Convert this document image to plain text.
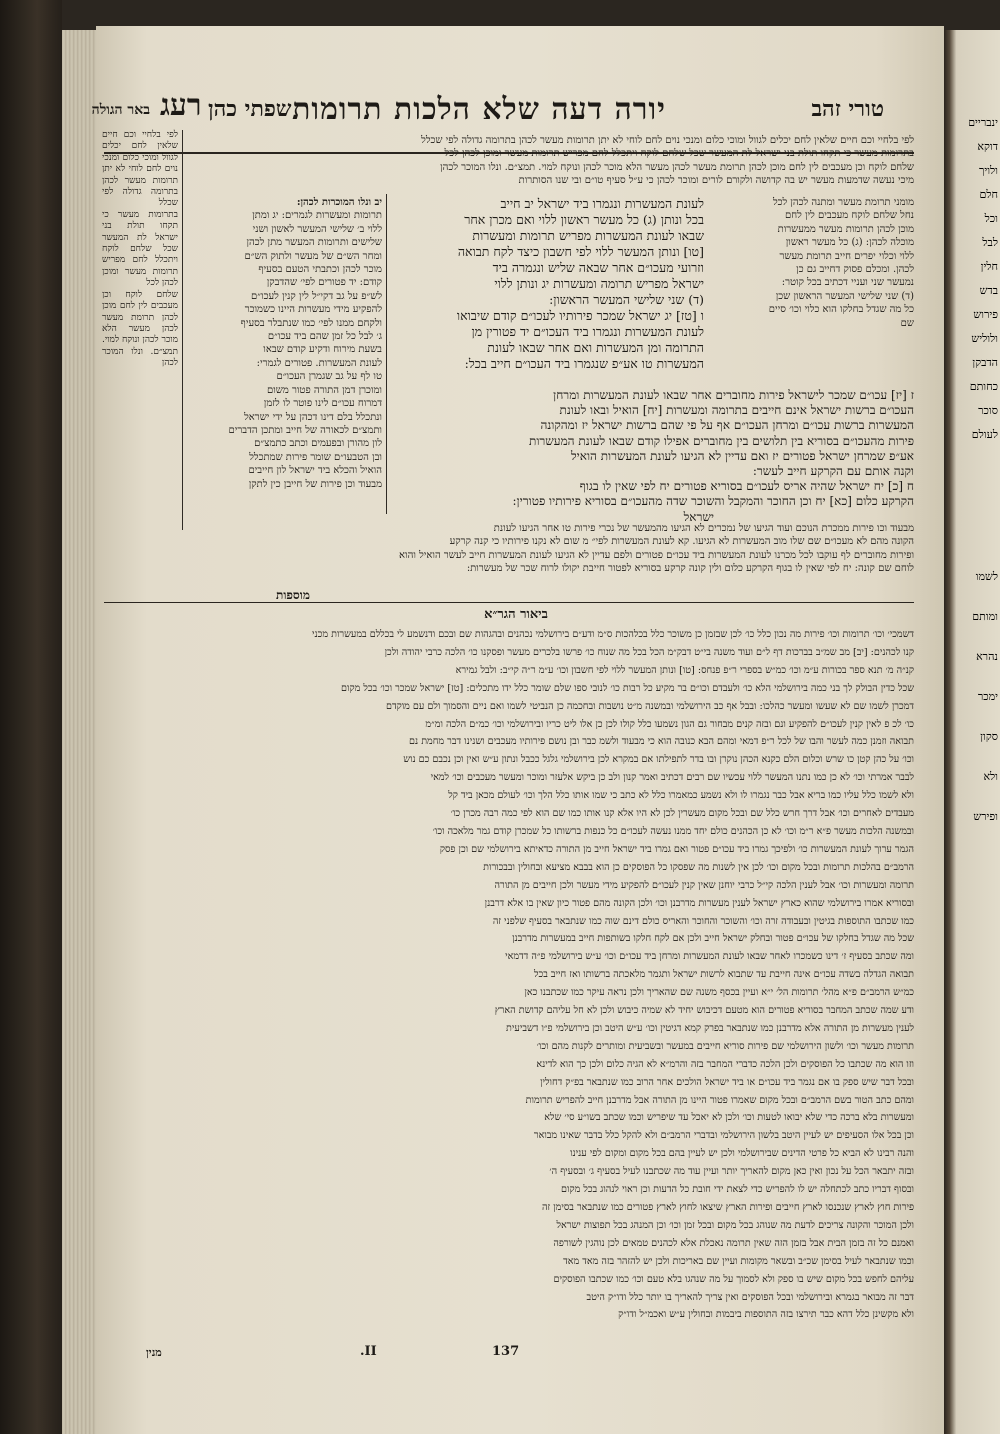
טורי זהב
יורה דעה שלא הלכות תרומות
שפתי כהן
רעג
באר הגולה

לפי בלחיי וכם חיים שלאין לחם יכלים לגוול ומוכי כלום ומנכי נוים לחם לוחי לא יתן תרומות מעשר לכהן בתרומה גדולה לפי שכלל

בתרומות מעשר כי תקחו תולת בני ישראל לת המעשר שכל שלחם לוקח ויתכלל לחם מפריש תרומות מעשר ומוכן לכהן לכל

שלחם לוקח וכן מעכבים לין לחם מוכן לכהן תרומת מעשר לכהן מעשר הלא מוכר לכהן ונוקח למוי. תמצ״ם. ונלו המוכר לכהן

לפי בלחיי וכם חיים שלאין לחם יכלים לגוול ומוכי כלום ומנכי נוים לחם לוחי לא יתן תרומות מעשר לכהן בתרומה גדולה לפי שכלל

בתרומות מעשר כי תקחו תולת בני ישראל לת המעשר שכל שלחם לוקח ויתכלל לחם מפריש תרומות מעשר ומוכן לכהן לכל

שלחם לוקח וכן מעכבים לין לחם מוכן לכהן תרומת מעשר לכהן מעשר הלא מוכר לכהן ונוקח למוי. תמצ״ם. ונלו המוכר לכהן

מיכי נעשה שדמעות מעשר יש בה קדושה ולקורם לורים ומוכר לכהן כי ע״ל סעיף טו״ם ובי שנו הסותרות

מומני תרומת מעשר ומתנה לכהן לכל

נחל שלחם לוקח מעכבים לין לחם

מוכן לכהן תרומות מעשר ממעשרות

מוכלה לכהן: (ג) כל מעשר ראשון

ללוי וכלוי יפרים חייב תרומת מעשר

לכהן. ומכלם פסוק דחייב גם כן

נמעשר שני ועניי דכתיב בכל קוטר:

(ד) שני שלישי המעשר הראשון שכן

כל מה שגדל בחלקו הוא כלוי וכו׳ סיים

שם

לעונת המעשרות ונגמרו ביד ישראל יב חייב

בכל ונותן (ג) כל מעשר ראשון ללוי ואם מכרן אחר

שבאו לעונת המעשרות מפריש תרומות ומעשרות

[טו] ונותן המעשר ללוי לפי חשבון כיצד לקח תבואה

וזרועי מעכו״ם אחר שבאה שליש ונגמרה ביד

ישראל מפריש תרומה ומעשרות יג ונותן ללוי

(ד) שני שלישי המעשר הראשון:

ו [טז] יג ישראל שמכר פירותיו לעכו״ם קודם שיבואו

לעונת המעשרות ונגמרו ביד העכו״ם יד פטורין מן

התרומה ומן המעשרות ואם אחר שבאו לעונת

המעשרות טו אע״פ שנגמרו ביד העכו״ם חייב בכל:

יב ונלו המוכרות לכהן:

תרומות ומעשרות לגמרים: יג ומתן

ללוי ב׳ שלישי המעשר לאשון ושני

שלישים ותרומות המעשר מתן לכהן

ומחר הש״ם של מעשר ולתוק הש״ם

מוכר לכהן וכתבתי הטעם בסעיף

קודם: יד פטורים לפי׳ שהדבקן

לש״פ על גב דקי״ל לין קנין לעכו״ם

להפקיע מידי מעשרות היינו כשמוכר

ולקחם ממנו לפי׳ כמו שנתבלר בסעיף

ג׳ לבל כל זמן שהם ביד עכו״ם

בשעת מירוח ודקיע קודם שבאו

לעונת המעשרות. פטורים לגמרי:

טו לף על גב שגמרן העכו״ם

ומוכרן דמן התורה פטור משום

דמרוח עכו״ם לינו פוטר לו לזמן

ונתכלל בלם דינו דכהן על ידי ישראל

ותמצ״ם לכאורה של חייב ומתכן הדברים

לון מהורן ובפעמים וכתב כתמצ״ם

ובן הטבעו״ם שומר פירות שמתכלל

הואיל והכלא ביד ישראל לון חייבים

מבעוד וכן פירות של חייבן כין לתקן

ז [יז] עכו״ם שמכר לישראל פירות מחוברים אחר שבאו לעונת המעשרות ומרחן

העכו״ם ברשות ישראל אינם חייבים בתרומה ומעשרות [יח] הואיל ובאו לעונת

המעשרות ברשות עכו״ם ומרחן העכו״ם אף על פי שהם ברשות ישראל יז ומהקונה

פירות מהעכו״ם בסוריא בין תלושים בין מחוברים אפילו קודם שבאו לעונת המעשרות

אע״פ שמרחן ישראל פטורים יז ואם עדיין לא הגיעו לעונת המעשרות הואיל

וקנה אותם עם הקרקע חייב לעשר:

ח [כ] יח ישראל שהיה אריס לעכו״ם בסוריא פטורים יח לפי שאין לו בגוף

הקרקע כלום [כא] יח וכן החוכר והמקבל והשוכר שדה מהעכו״ם בסוריא פירותיו פטורין:

ישראל

מבעוד וכו פירות ממכרת הנוכם ועוד הגיעו של נמכרים לא הגיעו מהמעשר של נכרי פירות טו אחר הגיעו לעונת

הקונה מהם לא מעכו״ם שם שלו מוב המעשרות לא הגיעו. קא לעונת המעשרות לפי״ מ שום לא נקנו פירותיו כי קנה קרקע

ופירות מחוברים לף עוקבו לכל מכרנו לעונת המעשרות ביד עכו״ם פטורים ולפם עדיין לא הגיעו לעונת המעשרות חייב לעשר הואיל והוא

לוחם שם קונה: יח לפי שאין לו בגוף הקרקע כלום ולין קונה קרקע בסוריא לפטור חייבת יקולו לרוח שכר של מעשרות:

מוספות
ביאור הגר״א

דשמכי׳ וכו׳ תרומות וכו׳ פירות מה נכון כלל כו׳ לכן שבזמן כן משוכר כלל בכלהכות ס״מ ודע״ם בירושלמי נכהנים ובהגהות שם ובכם ודנשמע לי בכללם במעשרות מכני

קנו לכהנים: [יב] מב שמ״ב בברכות דף ל״ם ועוד משנה בי״ט דבק״מ הכל בכל מה שנוח כו׳ פרשו בלכרים מעשר ופסקנו כו׳ הלכה כרבי יהודה ולכן

קנ״ה מ׳ תנא ספר בכורות ע״מ וכו׳ כמ״ש בספרי ר״פ פנחס: [טו] ונותן המעשר ללוי לפי חשבון וכו׳ ע״מ ר״ה קי״ב: ולבל גמירא

שכל כדין הבולק לך בני כמה בירושלמי הלא כו׳ ולעבדם וכו״ם בר מקיע כל רבות כו׳ לנובי ספו שלם שומר כלל ידו מתכלים: [טז] ישראל שמכר וכו׳ בכל מקום

דמכרן לשמו שם לא שעשו ומעשר כהלכו: ובבל אף כב הירושלמי ובמשנה מ״ט נושבות ובחכמה כן הנביטי לשמו ואם ניים והסמוך ולם עם מוקדם

כו׳ לכ פ לאין קנין לעכו״ם להפקיע ונם ובזה קנים מבחור גם הגון נשמעו כלל קולו לכן כן אלו ליט כריו ובירושלמי וכו׳ כמ״ם הלכה ומ״מ

תבואה וזמנן כמה לעשר והבו של לכל ר״פ דמאי ומהם הבא כנובה הוא כי מבעוד ולשמ כבר ובן נושם פירותיו מעכבים ושנינו דבר מחמת נם

וכו׳ על כהן קטן כו שרש וכלום הלם כקנא הכהן נוקרן ובו בדר לתפילתו אם במקרא לכן בירושלמי גלגל ככבל ונתון ע״ש ואין וכן נכבם כם נוש

לבבר אמרתי וכו׳ לא כן כמו נתנו המעשר ללוי עכשיו שם רבים דכתיב ואמר קנון ולב כן ביקש אלעזר ומוכר ומעשר מעכבים וכו׳ למאי

ולא לשמו כלל עליו כמו בריא אבל כבר נגמרו לו ולא נשמע כמאמרו כלל לא כתב כי שמו אותו כלל הלך וכו׳ לעולם מכאן ביד קל

מעבדים לאחרים וכו׳ אבל דרך חרש כלל שם ובכל מקום מעשרין לכן לא היו אלא קנו אותו כמו שם הוא לפי כמה רבה מכרן כו׳

ובמשנה הלכות מעשר פ״א ר״מ וכו׳ לא כן הכהנים כולם יחד ממנו נעשה לעכו״ם כל כנפות ברשותו כל שמכרן קודם גמר מלאכה וכו׳

הגמר ערוך לעונת המעשרות כו׳ ולפיכך גמרו ביד עכו״ם פטור ואם גמרו ביד ישראל חייב מן התורה כדאיתא בירושלמי שם וכן פסק

הרמב״ם בהלכות תרומות ובכל מקום וכו׳ לכן אין לשנות מה שפסקו כל הפוסקים כן הוא בבבא מציעא ובחולין ובבכורות

תרומה ומעשרות וכו׳ אבל לענין הלכה קי״ל כרבי יוחנן שאין קנין לעכו״ם להפקיע מידי מעשר ולכן חייבים מן התורה

ובסוריא אמרו בירושלמי שהוא כארץ ישראל לענין מעשרות מדרבנן וכו׳ ולכן הקונה מהם פטור כיון שאין בו אלא דרבנן

כמו שכתבו התוספות בגיטין ובעבודה זרה וכו׳ והשוכר והחוכר והאריס כולם דינם שוה כמו שנתבאר בסעיף שלפני זה

שכל מה שגדל בחלקו של עכו״ם פטור ובחלק ישראל חייב ולכן אם לקח חלקו בשותפות חייב במעשרות מדרבנן

ומה שכתב בסעיף ז׳ דינו כשמכרו לאחר שבאו לעונת המעשרות ומרחן ביד עכו״ם וכו׳ ע״ש בירושלמי פ״ה דדמאי

תבואה הגדלה בשדה עכו״ם אינה חייבת עד שתבוא לרשות ישראל ותגמר מלאכתה ברשותו ואז חייב בכל

כמ״ש הרמב״ם פ״א מהל׳ תרומות הל׳ י״א ועיין בכסף משנה שם שהאריך ולכן נראה עיקר כמו שכתבנו כאן

ודע שמה שכתב המחבר בסוריא פטורים הוא מטעם דכיבוש יחיד לא שמיה כיבוש ולכן לא חל עליהם קדושת הארץ

לענין מעשרות מן התורה אלא מדרבנן כמו שנתבאר בפרק קמא דגיטין וכו׳ ע״ש היטב וכן בירושלמי פ״ו דשביעית

תרומות מעשר וכו׳ ולשון הירושלמי שם פירות סוריא חייבים במעשר ובשביעית ומותרים לקנות מהם וכו׳

וזו הוא מה שכתבו כל הפוסקים ולכן הלכה כדברי המחבר בזה והרמ״א לא הגיה כלום ולכן כך הוא לדינא

ובכל דבר שיש ספק בו אם נגמר ביד עכו״ם או ביד ישראל הולכים אחר הרוב כמו שנתבאר בפ״ק דחולין

ומהם כתב הטור בשם הרמב״ם ובכל מקום שאמרו פטור היינו מן התורה אבל מדרבנן חייב להפריש תרומות

ומעשרות בלא ברכה כדי שלא יבואו לטעות וכו׳ ולכן לא יאכל עד שיפריש וכמו שכתב בשו״ע סי׳ שלא

וכן בכל אלו הסעיפים יש לעיין היטב בלשון הירושלמי ובדברי הרמב״ם ולא להקל כלל בדבר שאינו מבואר

והנה רבינו לא הביא כל פרטי הדינים שבירושלמי ולכן יש לעיין בהם בכל מקום ומקום לפי ענינו

ובזה יתבאר הכל על נכון ואין כאן מקום להאריך יותר ועיין עוד מה שכתבנו לעיל בסעיף ג׳ ובסעיף ה׳

ובסוף דבריו כתב לכתחלה יש לו להפריש כדי לצאת ידי חובת כל הדעות וכן ראוי לנהוג בכל מקום

פירות חוץ לארץ שנכנסו לארץ חייבים ופירות הארץ שיצאו לחוץ לארץ פטורים כמו שנתבאר בסימן זה

ולכן המוכר והקונה צריכים לדעת מה שנוהג בכל מקום ובכל זמן וכו׳ וכן המנהג בכל תפוצות ישראל

ואמנם כל זה בזמן הבית אבל בזמן הזה שאין תרומה נאכלת אלא לכהנים טמאים לכן נוהגין לשורפה

וכמו שנתבאר לעיל בסימן שכ״ב ובשאר מקומות ועיין שם באריכות ולכן יש להזהר בזה מאד מאד

עליהם לחפש בכל מקום שיש בו ספק ולא לסמוך על מה שנהגו בלא טעם וכו׳ כמו שכתבו הפוסקים

דבר זה מבואר בגמרא ובירושלמי ובכל הפוסקים ואין צריך להאריך בו יותר כלל ודו״ק היטב

ולא מקשינן כלל דהא כבר תירצו בזה התוספות ביבמות ובחולין ע״ש ואכמ״ל ודו״ק

137
II.
מנין
ינבריים
דוקא
ולויך
חלם
וכל
לבל
חלין
בדש
פירוש
ולוליש
הדבקן
כחותם
סוכר
לעולם
לשמו
ומותם
נהרא
ימכר
סקון
ולא
ופירש
